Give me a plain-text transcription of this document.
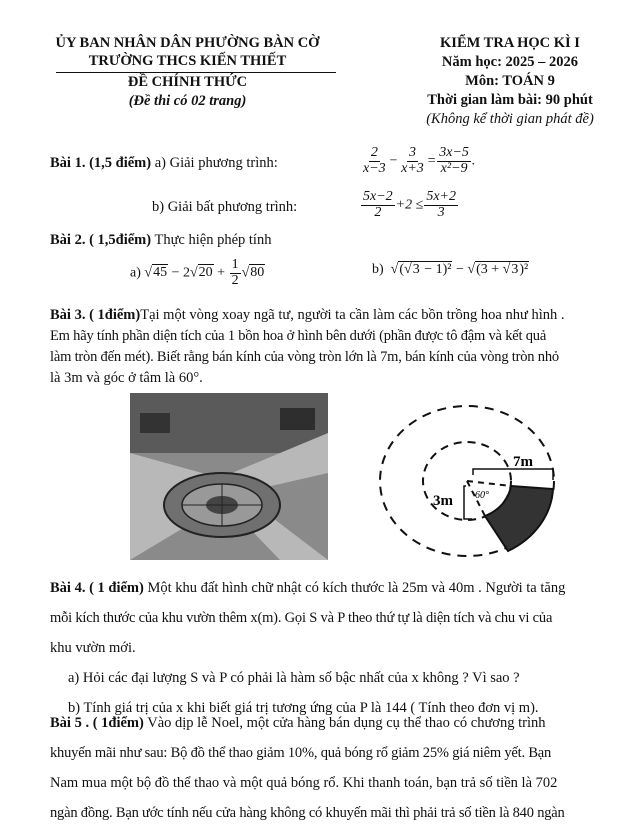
ỦY BAN NHÂN DÂN PHƯỜNG BÀN CỜ
TRƯỜNG THCS KIẾN THIẾT
ĐỀ CHÍNH THỨC
(Đề thi có 02 trang)
KIỂM TRA HỌC KÌ I
Năm học: 2025 – 2026
Môn: TOÁN 9
Thời gian làm bài: 90 phút
(Không kể thời gian phát đề)
Bài 1. (1,5 điểm) a) Giải phương trình:	$\frac{2}{x-3} - \frac{3}{x+3} = \frac{3x-5}{\text{x²−9}}$ .
b) Giải bất phương trình:	$\frac{5x-2}{2} +2 \le \frac{5x+2}{3}$
Bài 2. ( 1,5điểm) Thực hiện phép tính
a) $√45 - 2√20 + \frac{1}{2} √80$	b)  √(√3 − 1)² − √(3 + √3)²
Bài 3. ( 1điểm)Tại một vòng xoay ngã tư, người ta cần làm các bồn trồng hoa như hình .
Em hãy tính phần diện tích của 1 bồn hoa ở hình bên dưới (phần được tô đậm và kết quả
làm tròn đến mét). Biết rằng bán kính của vòng tròn lớn là 7m, bán kính của vòng tròn nhỏ
là 3m và góc ở tâm là 60°.
7m
3m 60°
Bài 4. ( 1 điểm) Một khu đất hình chữ nhật có kích thước là 25m và 40m . Người ta tăng
mỗi kích thước của khu vườn thêm x(m). Gọi S và P theo thứ tự là diện tích và chu vi của
khu vườn mới.
a) Hỏi các đại lượng S và P có phải là hàm số bậc nhất của x không ? Vì sao ?
b) Tính giá trị của x khi biết giá trị tương ứng của P là 144 ( Tính theo đơn vị m).
Bài 5 . ( 1điểm) Vào dịp lễ Noel, một cửa hàng bán dụng cụ thể thao có chương trình
khuyến mãi như sau: Bộ đồ thể thao giảm 10%, quả bóng rổ giảm 25% giá niêm yết. Bạn
Nam mua một bộ đồ thể thao và một quả bóng rổ. Khi thanh toán, bạn trả số tiền là 702
ngàn đồng. Bạn ước tính nếu cửa hàng không có khuyến mãi thì phải trả số tiền là 840 ngàn
